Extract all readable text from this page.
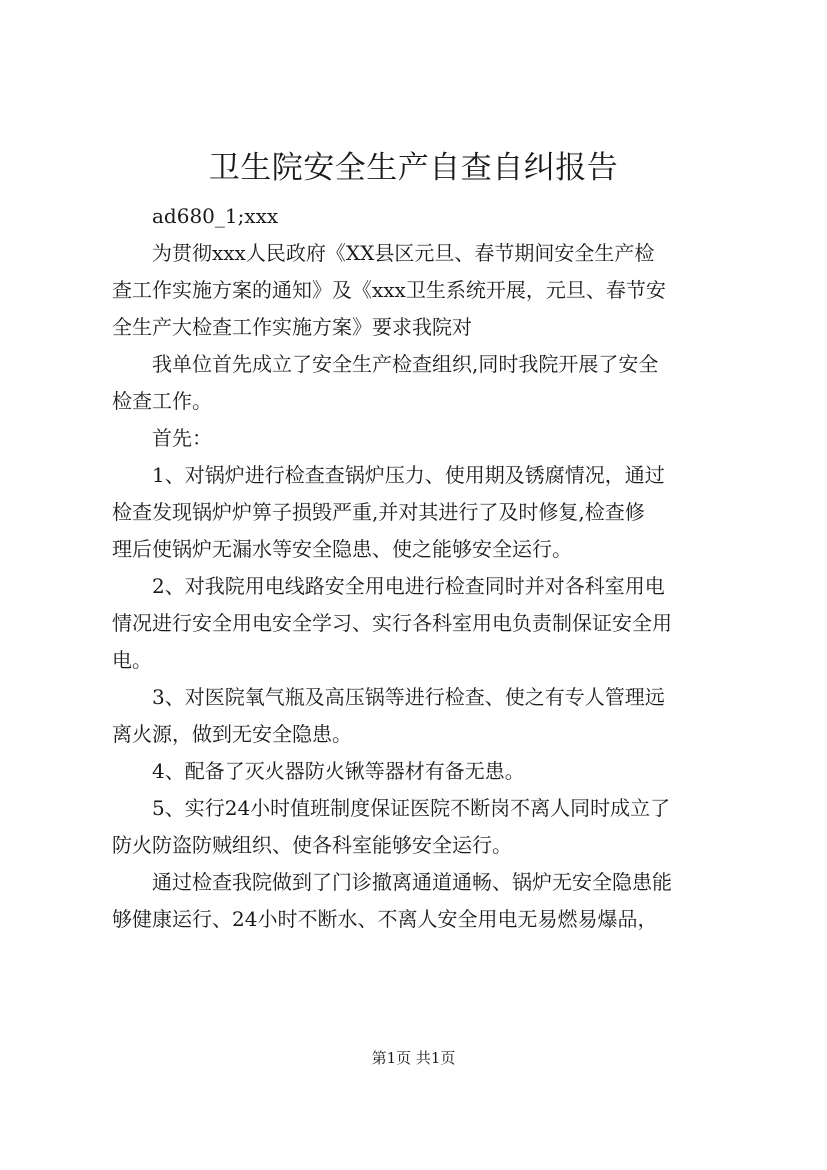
卫生院安全生产自查自纠报告

ad680_1;xxx

为贯彻xxx人民政府《XX县区元旦、春节期间安全生产检
查工作实施方案的通知》及《xxx卫生系统开展，元旦、春节安
全生产大检查工作实施方案》要求我院对

我单位首先成立了安全生产检查组织,同时我院开展了安全
检查工作。

首先：

1、对锅炉进行检查查锅炉压力、使用期及锈腐情况，通过
检查发现锅炉炉箅子损毁严重,并对其进行了及时修复,检查修
理后使锅炉无漏水等安全隐患、使之能够安全运行。

2、对我院用电线路安全用电进行检查同时并对各科室用电
情况进行安全用电安全学习、实行各科室用电负责制保证安全用
电。

3、对医院氧气瓶及高压锅等进行检查、使之有专人管理远
离火源，做到无安全隐患。

4、配备了灭火器防火锹等器材有备无患。

5、实行24小时值班制度保证医院不断岗不离人同时成立了
防火防盗防贼组织、使各科室能够安全运行。

通过检查我院做到了门诊撤离通道通畅、锅炉无安全隐患能
够健康运行、24小时不断水、不离人安全用电无易燃易爆品，

第1页 共1页
